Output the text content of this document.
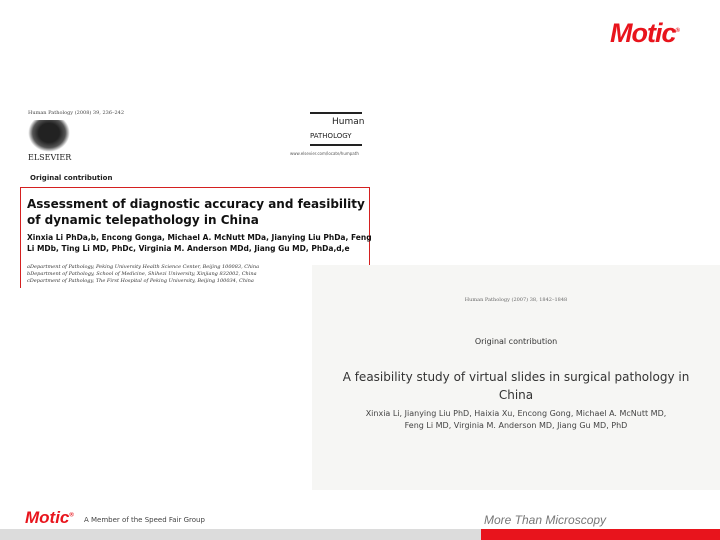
Motic®
Human Pathology (2008) 39, 236–242
ELSEVIER
Human
PATHOLOGY
www.elsevier.com/locate/humpath
Original contribution
Assessment of diagnostic accuracy and feasibility of dynamic telepathology in China
Xinxia Li PhDa,b, Encong Gonga, Michael A. McNutt MDa, Jianying Liu PhDa, Feng Li MDb, Ting Li MD, PhDc, Virginia M. Anderson MDd, Jiang Gu MD, PhDa,d,e
aDepartment of Pathology, Peking University Health Science Center, Beijing 100083, China
bDepartment of Pathology, School of Medicine, Shihezi University, Xinjiang 832002, China
cDepartment of Pathology, The First Hospital of Peking University, Beijing 100034, China
Human Pathology (2007) 38, 1842–1848
Original contribution
A feasibility study of virtual slides in surgical pathology in China
Xinxia Li, Jianying Liu PhD, Haixia Xu, Encong Gong, Michael A. McNutt MD,
Feng Li MD, Virginia M. Anderson MD, Jiang Gu MD, PhD
Motic®
A Member of the Speed Fair Group	More Than Microscopy
